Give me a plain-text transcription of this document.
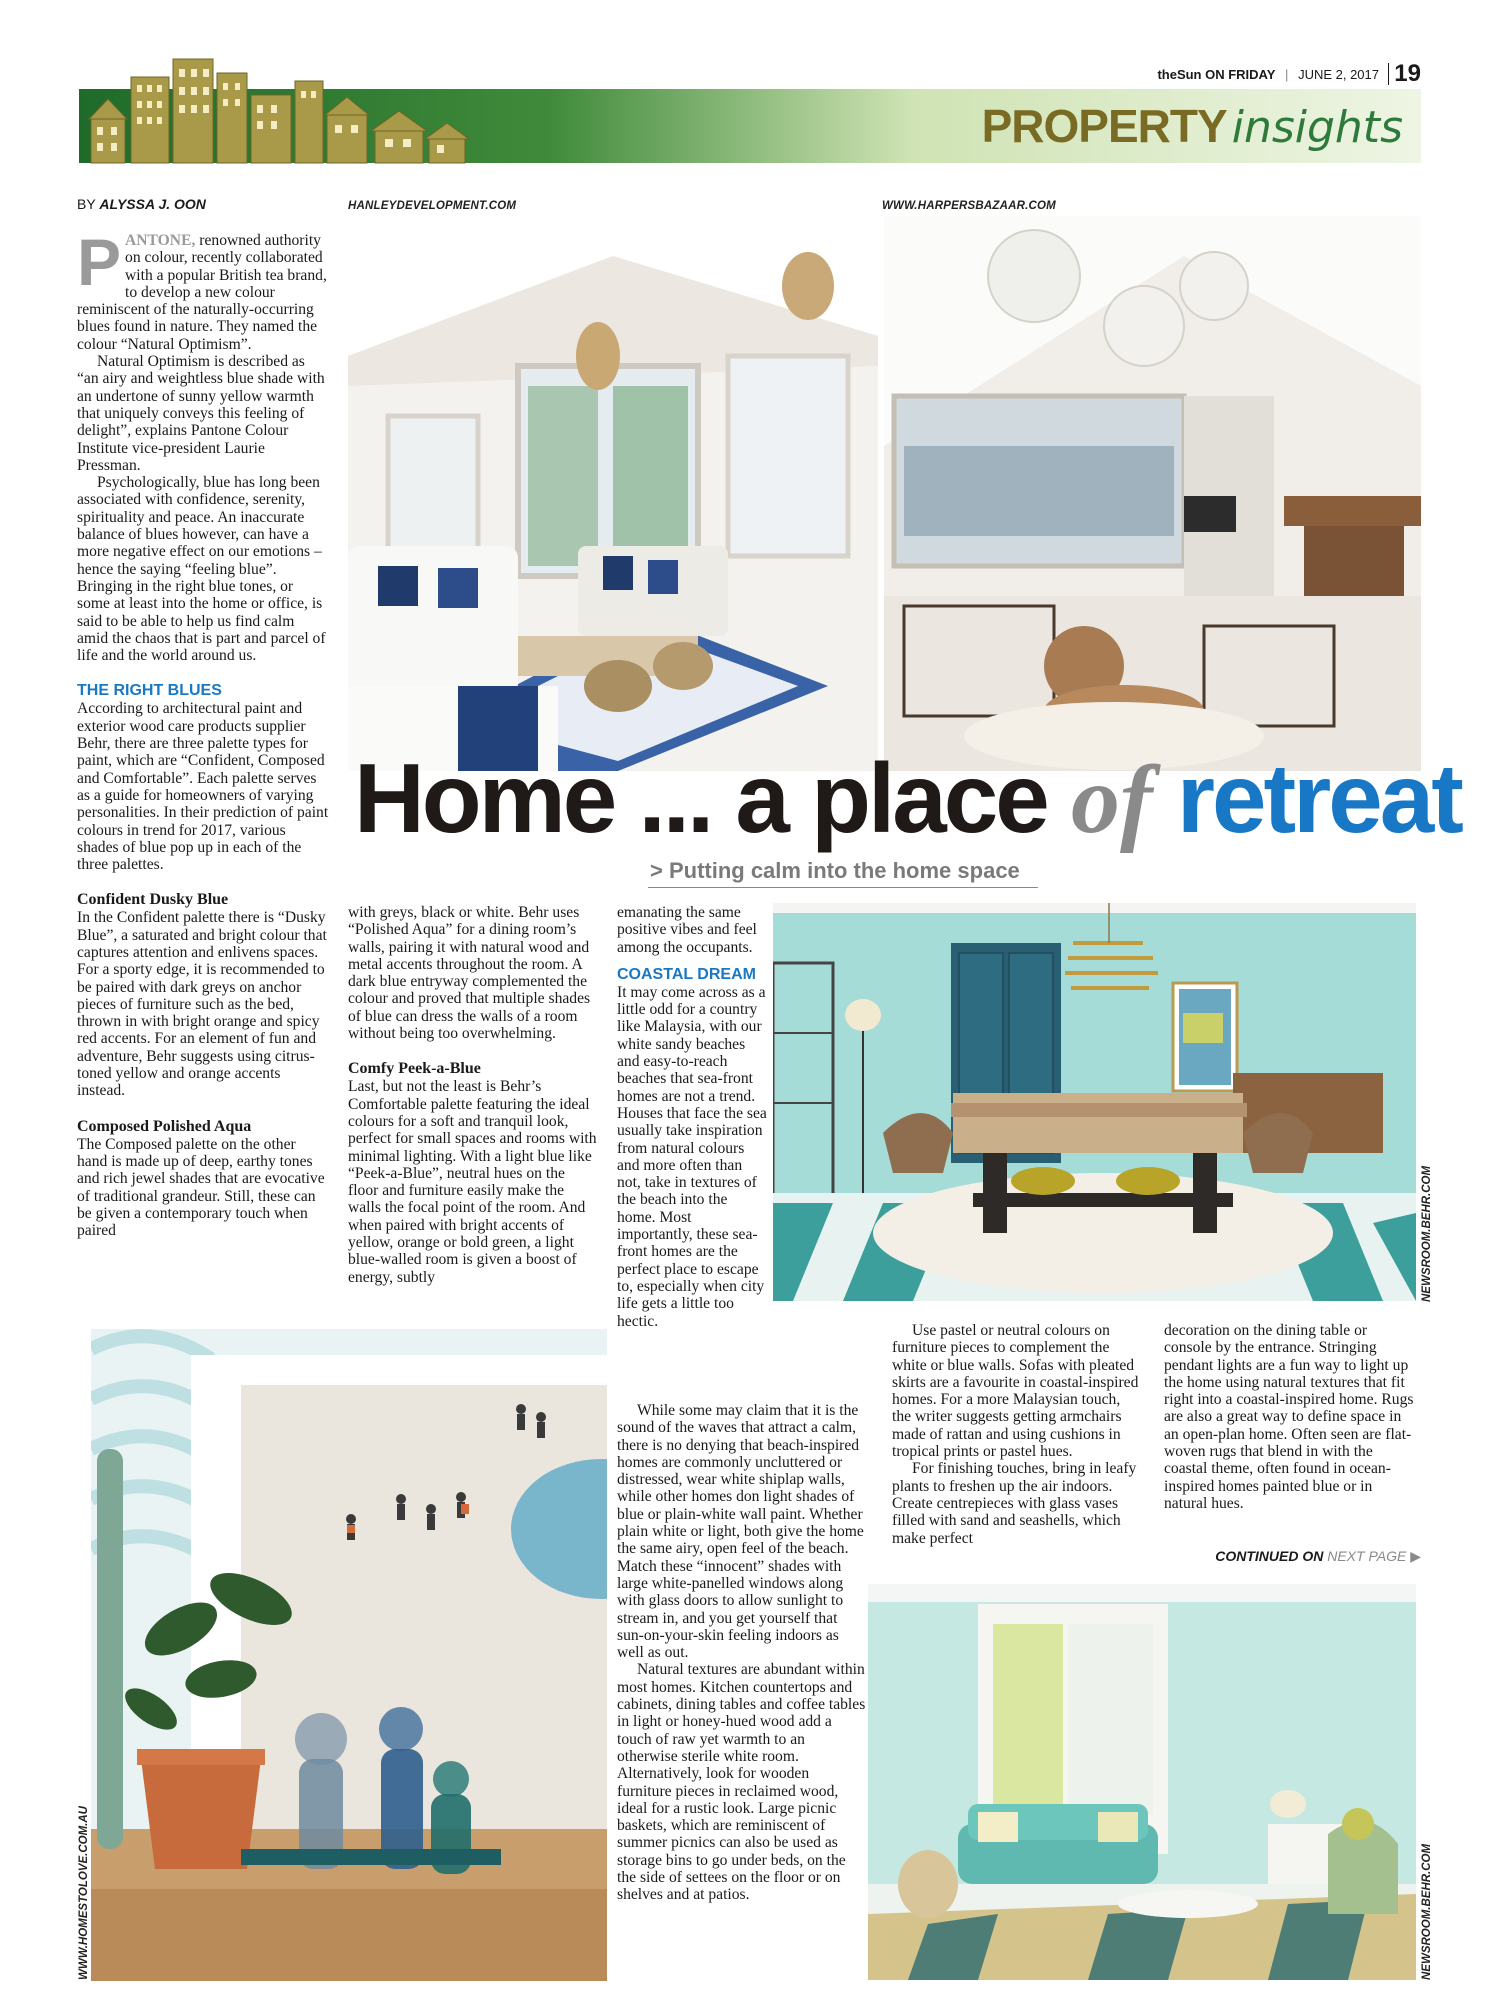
theSun ON FRIDAY | JUNE 2, 2017 19
PROPERTY insights
BY ALYSSA J. OON

PANTONE, renowned authority on colour, recently collaborated with a popular British tea brand, to develop a new colour reminiscent of the naturally-occurring blues found in nature. They named the colour “Natural Optimism”.

Natural Optimism is described as “an airy and weightless blue shade with an undertone of sunny yellow warmth that uniquely conveys this feeling of delight”, explains Pantone Colour Institute vice-president Laurie Pressman.

Psychologically, blue has long been associated with confidence, serenity, spirituality and peace. An inaccurate balance of blues however, can have a more negative effect on our emotions – hence the saying “feeling blue”. Bringing in the right blue tones, or some at least into the home or office, is said to be able to help us find calm amid the chaos that is part and parcel of life and the world around us.

THE RIGHT BLUES

According to architectural paint and exterior wood care products supplier Behr, there are three palette types for paint, which are “Confident, Composed and Comfortable”. Each palette serves as a guide for homeowners of varying personalities. In their prediction of paint colours in trend for 2017, various shades of blue pop up in each of the three palettes.

Confident Dusky Blue

In the Confident palette there is “Dusky Blue”, a saturated and bright colour that captures attention and enlivens spaces. For a sporty edge, it is recommended to be paired with dark greys on anchor pieces of furniture such as the bed, thrown in with bright orange and spicy red accents. For an element of fun and adventure, Behr suggests using citrus-toned yellow and orange accents instead.

Composed Polished Aqua

The Composed palette on the other hand is made up of deep, earthy tones and rich jewel shades that are evocative of traditional grandeur. Still, these can be given a contemporary touch when paired

HANLEYDEVELOPMENT.COM	WWW.HARPERSBAZAAR.COM
Home ... a place of retreat
> Putting calm into the home space

with greys, black or white. Behr uses “Polished Aqua” for a dining room’s walls, pairing it with natural wood and metal accents throughout the room. A dark blue entryway complemented the colour and proved that multiple shades of blue can dress the walls of a room without being too overwhelming.

Comfy Peek-a-Blue

Last, but not the least is Behr’s Comfortable palette featuring the ideal colours for a soft and tranquil look, perfect for small spaces and rooms with minimal lighting. With a light blue like “Peek-a-Blue”, neutral hues on the floor and furniture easily make the walls the focal point of the room. And when paired with bright accents of yellow, orange or bold green, a light blue-walled room is given a boost of energy, subtly

emanating the same positive vibes and feel among the occupants.

COASTAL DREAM

It may come across as a little odd for a country like Malaysia, with our white sandy beaches and easy-to-reach beaches that sea-front homes are not a trend. Houses that face the sea usually take inspiration from natural colours and more often than not, take in textures of the beach into the home. Most importantly, these sea-front homes are the perfect place to escape to, especially when city life gets a little too hectic.

While some may claim that it is the sound of the waves that attract a calm, there is no denying that beach-inspired homes are commonly uncluttered or distressed, wear white shiplap walls, while other homes don light shades of blue or plain-white wall paint. Whether plain white or light, both give the home the same airy, open feel of the beach. Match these “innocent” shades with large white-panelled windows along with glass doors to allow sunlight to stream in, and you get yourself that sun-on-your-skin feeling indoors as well as out.

Natural textures are abundant within most homes. Kitchen countertops and cabinets, dining tables and coffee tables in light or honey-hued wood add a touch of raw yet warmth to an otherwise sterile white room. Alternatively, look for wooden furniture pieces in reclaimed wood, ideal for a rustic look. Large picnic baskets, which are reminiscent of summer picnics can also be used as storage bins to go under beds, on the the side of settees on the floor or on shelves and at patios.

NEWSROOM.BEHR.COM

Use pastel or neutral colours on furniture pieces to complement the white or blue walls. Sofas with pleated skirts are a favourite in coastal-inspired homes. For a more Malaysian touch, the writer suggests getting armchairs made of rattan and using cushions in tropical prints or pastel hues.

For finishing touches, bring in leafy plants to freshen up the air indoors. Create centrepieces with glass vases filled with sand and seashells, which make perfect

decoration on the dining table or console by the entrance. Stringing pendant lights are a fun way to light up the home using natural textures that fit right into a coastal-inspired home. Rugs are also a great way to define space in an open-plan home. Often seen are flat-woven rugs that blend in with the coastal theme, often found in ocean-inspired homes painted blue or in natural hues.

CONTINUED ON NEXT PAGE ▶
WWW.HOMESTOLOVE.COM.AU	NEWSROOM.BEHR.COM
